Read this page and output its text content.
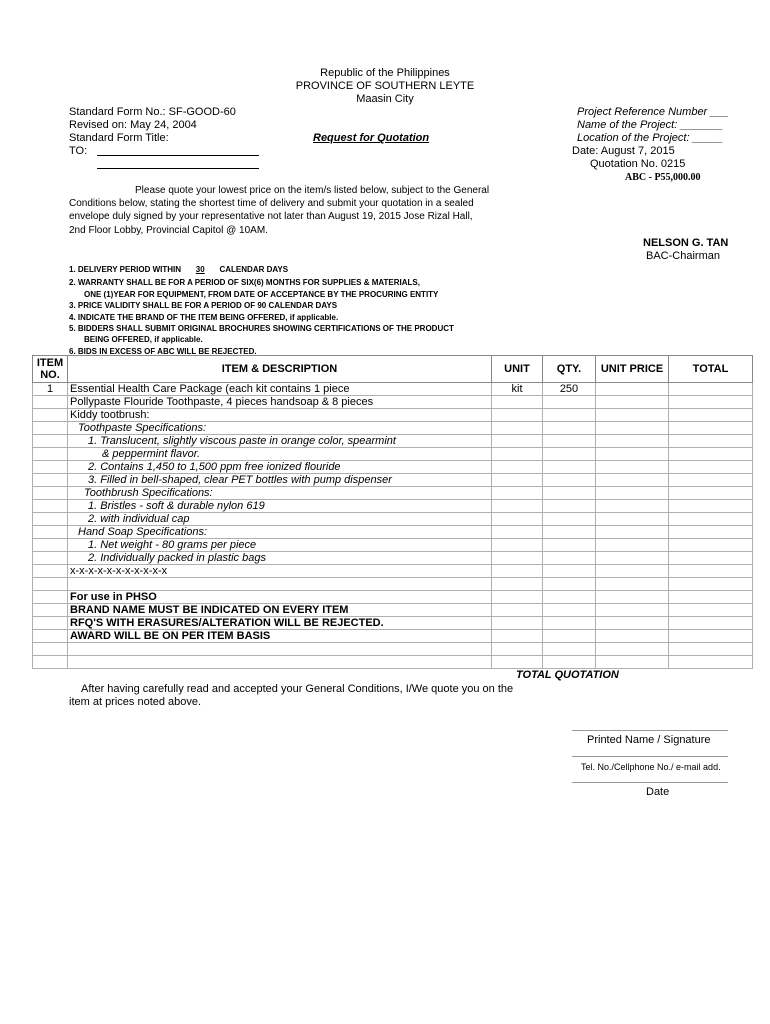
Republic of the Philippines
PROVINCE OF SOUTHERN LEYTE
Maasin City
Standard Form No.: SF-GOOD-60
Revised on: May 24, 2004
Standard Form Title:
TO:
Request for Quotation
Project Reference Number ___
Name of the Project: _______
Location of the Project: _____
Date: August 7, 2015
Quotation No. 0215
ABC - P55,000.00
Please quote your lowest price on the item/s listed below, subject to the General
Conditions below, stating the shortest time of delivery and submit your quotation in a sealed
envelope duly signed by your representative not later than August 19, 2015 Jose Rizal Hall,
2nd Floor Lobby, Provincial Capitol @ 10AM.
NELSON G. TAN
BAC-Chairman
1. DELIVERY PERIOD WITHIN 30 CALENDAR DAYS
2. WARRANTY SHALL BE FOR A PERIOD OF SIX(6) MONTHS FOR SUPPLIES & MATERIALS,
ONE (1)YEAR FOR EQUIPMENT, FROM DATE OF ACCEPTANCE BY THE PROCURING ENTITY
3. PRICE VALIDITY SHALL BE FOR A PERIOD OF 90 CALENDAR DAYS
4. INDICATE THE BRAND OF THE ITEM BEING OFFERED, if applicable.
5. BIDDERS SHALL SUBMIT ORIGINAL BROCHURES SHOWING CERTIFICATIONS OF THE PRODUCT
BEING OFFERED, if applicable.
6. BIDS IN EXCESS OF ABC WILL BE REJECTED.
ITEM NO.	ITEM & DESCRIPTION	UNIT	QTY.	UNIT PRICE	TOTAL
1	Essential Health Care Package (each kit contains 1 piece	kit	250		
	Pollypaste Flouride Toothpaste, 4 pieces handsoap & 8 pieces				
	Kiddy tootbrush:				
	Toothpaste Specifications:				
	1. Translucent, slightly viscous paste in orange color, spearmint				
	& peppermint flavor.				
	2. Contains 1,450 to 1,500 ppm free ionized flouride				
	3. Filled in bell-shaped, clear PET bottles with pump dispenser				
	Toothbrush Specifications:				
	1. Bristles - soft & durable nylon 619				
	2. with individual cap				
	Hand Soap Specifications:				
	1. Net weight - 80 grams per piece				
	2. Individually packed in plastic bags				
	x-x-x-x-x-x-x-x-x-x-x				

	For use in PHSO				
	BRAND NAME MUST BE INDICATED ON EVERY ITEM				
	RFQ'S WITH ERASURES/ALTERATION WILL BE REJECTED.				
	AWARD WILL BE ON PER ITEM BASIS				

TOTAL QUOTATION
After having carefully read and accepted your General Conditions, I/We quote you on the
item at prices noted above.
Printed Name / Signature
Tel. No./Cellphone No./ e-mail add.
Date
